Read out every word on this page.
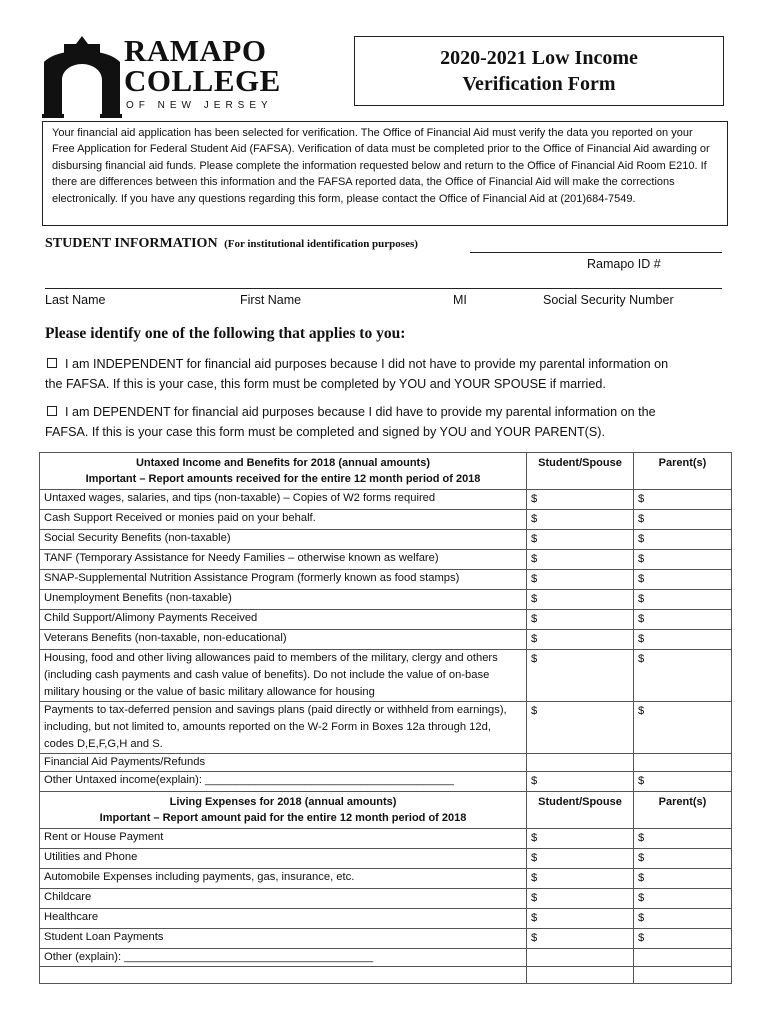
RAMAPO
COLLEGE
OF NEW JERSEY
2020-2021 Low Income Verification Form
Your financial aid application has been selected for verification. The Office of Financial Aid must verify the data you reported on your Free Application for Federal Student Aid (FAFSA). Verification of data must be completed prior to the Office of Financial Aid awarding or disbursing financial aid funds. Please complete the information requested below and return to the Office of Financial Aid Room E210. If there are differences between this information and the FAFSA reported data, the Office of Financial Aid will make the corrections electronically. If you have any questions regarding this form, please contact the Office of Financial Aid at (201)684-7549.
STUDENT INFORMATION (For institutional identification purposes)
Ramapo ID #
Last Name	First Name	MI	Social Security Number
Please identify one of the following that applies to you:
I am INDEPENDENT for financial aid purposes because I did not have to provide my parental information on
the FAFSA. If this is your case, this form must be completed by YOU and YOUR SPOUSE if married.
I am DEPENDENT for financial aid purposes because I did have to provide my parental information on the
FAFSA. If this is your case this form must be completed and signed by YOU and YOUR PARENT(S).
Untaxed Income and Benefits for 2018 (annual amounts)
Important – Report amounts received for the entire 12 month period of 2018	Student/Spouse	Parent(s)
Untaxed wages, salaries, and tips (non-taxable) – Copies of W2 forms required	$	$
Cash Support Received or monies paid on your behalf.	$	$
Social Security Benefits (non-taxable)	$	$
TANF (Temporary Assistance for Needy Families – otherwise known as welfare)	$	$
SNAP-Supplemental Nutrition Assistance Program (formerly known as food stamps)	$	$
Unemployment Benefits (non-taxable)	$	$
Child Support/Alimony Payments Received	$	$
Veterans Benefits (non-taxable, non-educational)	$	$
Housing, food and other living allowances paid to members of the military, clergy and others (including cash payments and cash value of benefits). Do not include the value of on-base military housing or the value of basic military allowance for housing	$	$
Payments to tax-deferred pension and savings plans (paid directly or withheld from earnings), including, but not limited to, amounts reported on the W-2 Form in Boxes 12a through 12d, codes D,E,F,G,H and S.	$	$
Financial Aid Payments/Refunds		
Other Untaxed income(explain): ________________________________________	$	$

Living Expenses for 2018 (annual amounts)
Important – Report amount paid for the entire 12 month period of 2018	Student/Spouse	Parent(s)
Rent or House Payment	$	$
Utilities and Phone	$	$
Automobile Expenses including payments, gas, insurance, etc.	$	$
Childcare	$	$
Healthcare	$	$
Student Loan Payments	$	$
Other (explain): ________________________________________		
